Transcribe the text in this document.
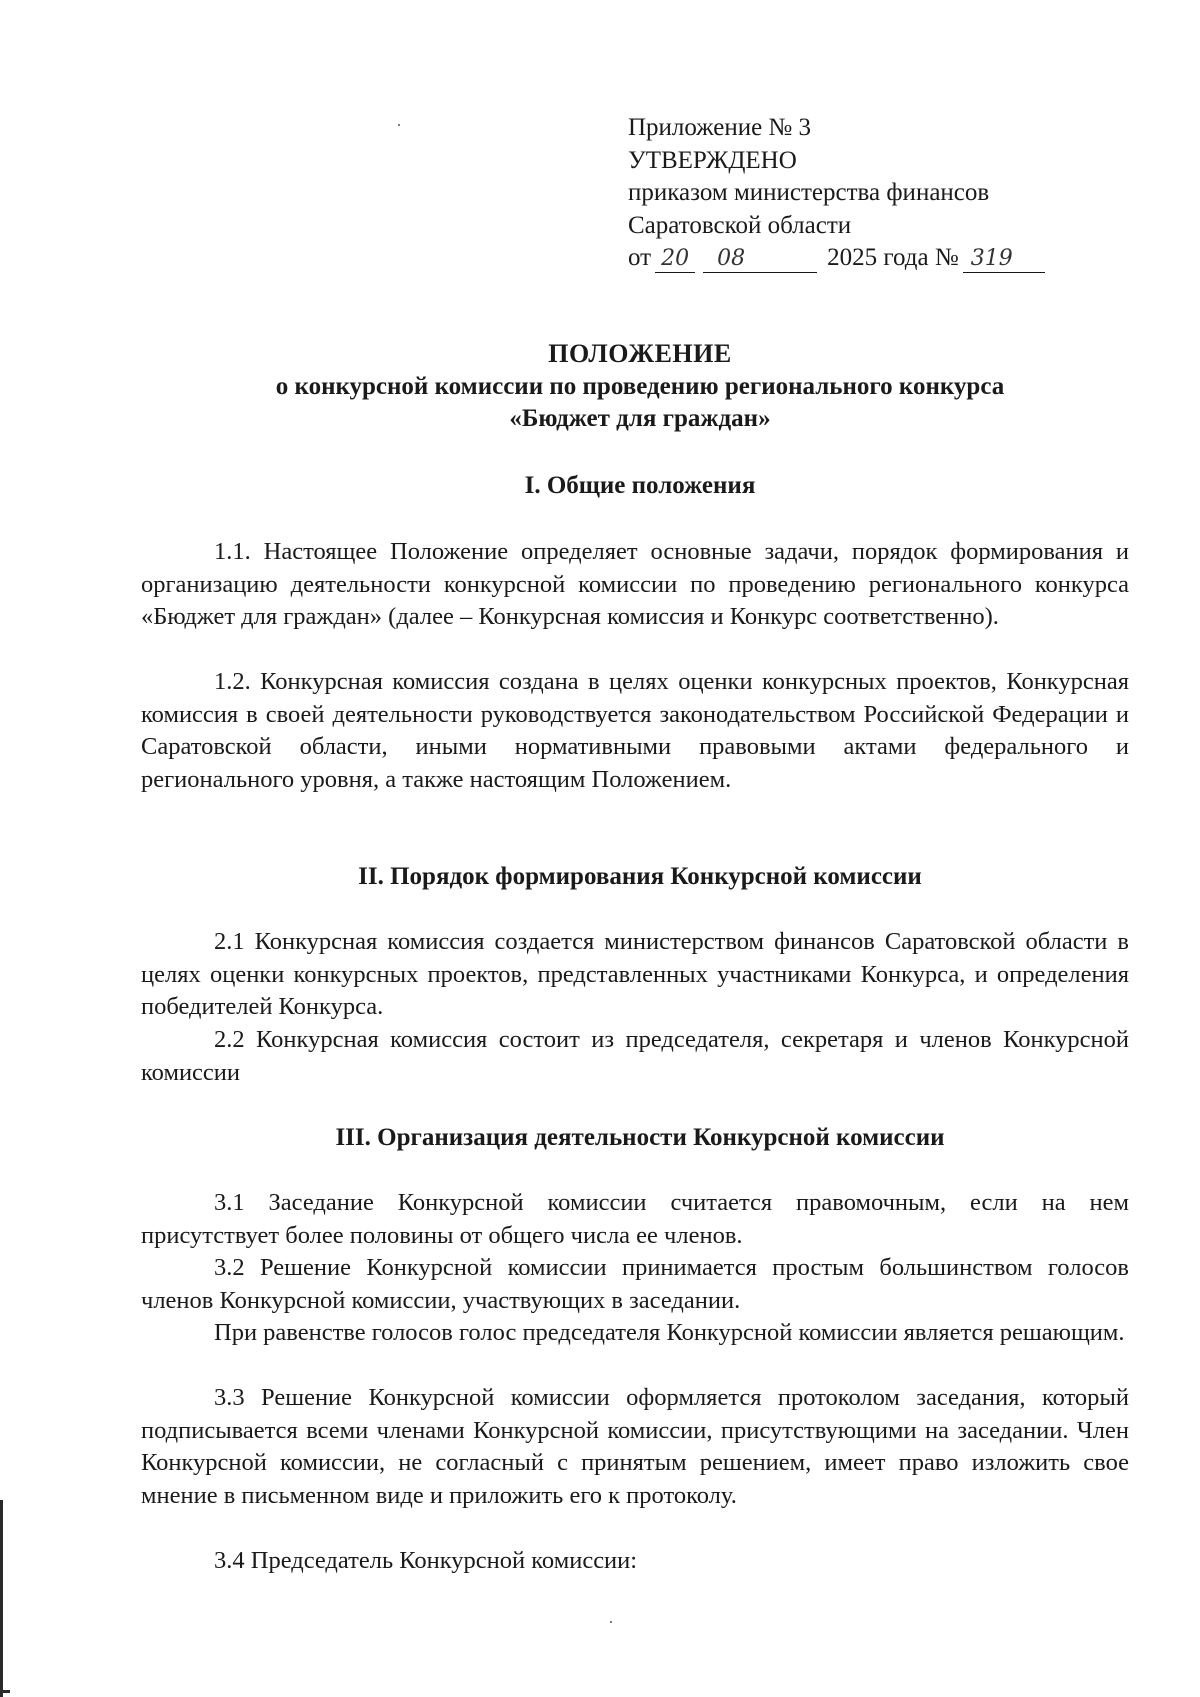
Приложение № 3
УТВЕРЖДЕНО
приказом министерства финансов
Саратовской области
от 20	08	2025 года № 319
ПОЛОЖЕНИЕ
о конкурсной комиссии по проведению регионального конкурса
«Бюджет для граждан»
I. Общие положения

1.1. Настоящее Положение определяет основные задачи, порядок формирования и организацию деятельности конкурсной комиссии по проведению регионального конкурса «Бюджет для граждан» (далее – Конкурсная комиссия и Конкурс соответственно).

1.2. Конкурсная комиссия создана в целях оценки конкурсных проектов, Конкурсная комиссия в своей деятельности руководствуется законодательством Российской Федерации и Саратовской области, иными нормативными правовыми актами федерального и регионального уровня, а также настоящим Положением.

II. Порядок формирования Конкурсной комиссии

2.1 Конкурсная комиссия создается министерством финансов Саратовской области в целях оценки конкурсных проектов, представленных участниками Конкурса, и определения победителей Конкурса.

2.2 Конкурсная комиссия состоит из председателя, секретаря и членов Конкурсной комиссии

III. Организация деятельности Конкурсной комиссии

3.1 Заседание Конкурсной комиссии считается правомочным, если на нем присутствует более половины от общего числа ее членов.

3.2 Решение Конкурсной комиссии принимается простым большинством голосов членов Конкурсной комиссии, участвующих в заседании.

При равенстве голосов голос председателя Конкурсной комиссии является решающим.

3.3 Решение Конкурсной комиссии оформляется протоколом заседания, который подписывается всеми членами Конкурсной комиссии, присутствующими на заседании. Член Конкурсной комиссии, не согласный с принятым решением, имеет право изложить свое мнение в письменном виде и приложить его к протоколу.

3.4 Председатель Конкурсной комиссии:
